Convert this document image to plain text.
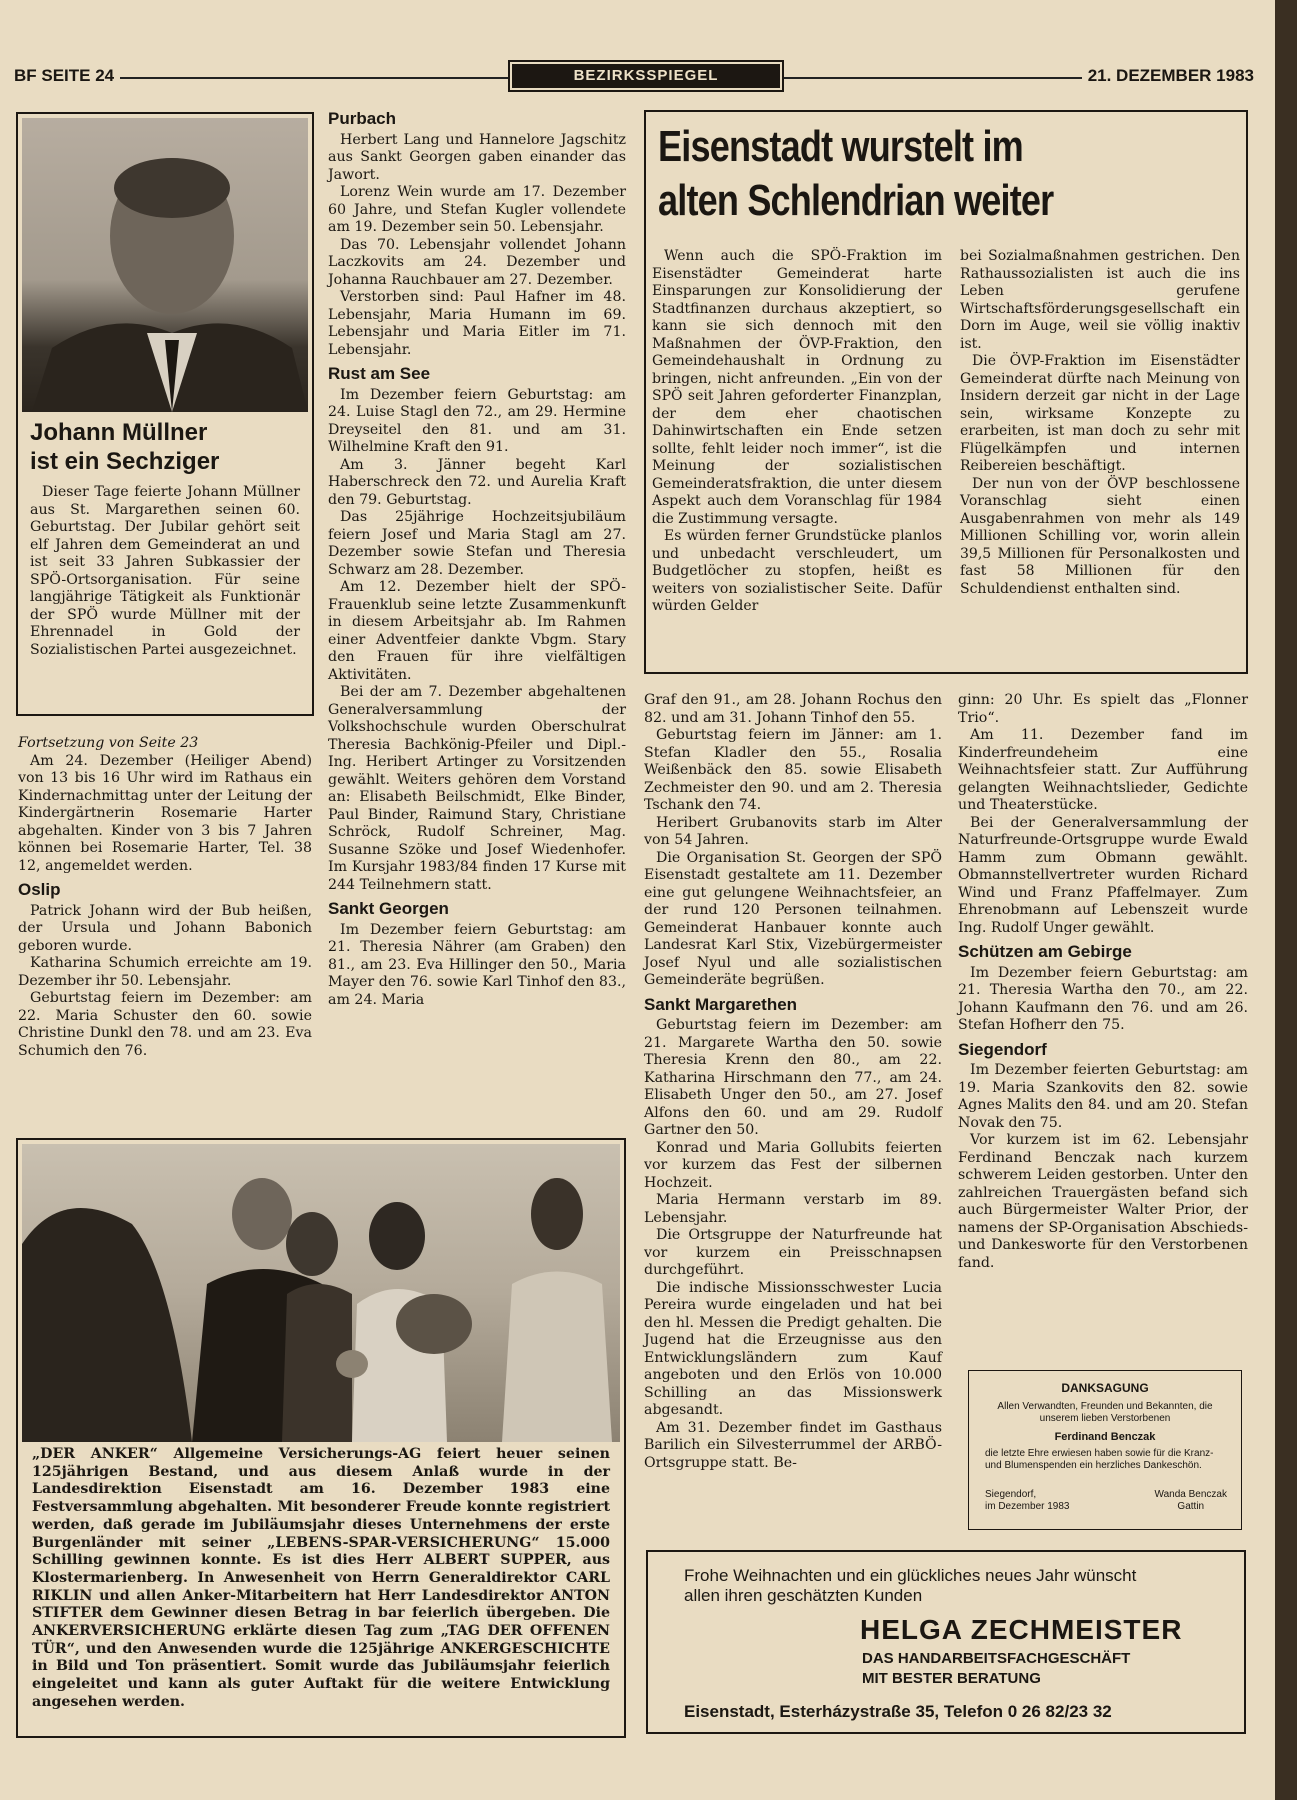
BF SEITE 24	BEZIRKSSPIEGEL	21. DEZEMBER 1983
Johann Müllner
ist ein Sechziger

Dieser Tage feierte Johann Müllner aus St. Margarethen seinen 60. Geburtstag. Der Jubilar gehört seit elf Jahren dem Gemeinderat an und ist seit 33 Jahren Subkassier der SPÖ-Ortsorganisation. Für seine langjährige Tätigkeit als Funktionär der SPÖ wurde Müllner mit der Ehrennadel in Gold der Sozialistischen Partei ausgezeichnet.

Fortsetzung von Seite 23

Am 24. Dezember (Heiliger Abend) von 13 bis 16 Uhr wird im Rathaus ein Kindernachmittag unter der Leitung der Kindergärtnerin Rosemarie Harter abgehalten. Kinder von 3 bis 7 Jahren können bei Rosemarie Harter, Tel. 38 12, angemeldet werden.

Oslip

Patrick Johann wird der Bub heißen, der Ursula und Johann Babonich geboren wurde.

Katharina Schumich erreichte am 19. Dezember ihr 50. Lebensjahr.

Geburtstag feiern im Dezember: am 22. Maria Schuster den 60. sowie Christine Dunkl den 78. und am 23. Eva Schumich den 76.

Purbach

Herbert Lang und Hannelore Jagschitz aus Sankt Georgen gaben einander das Jawort.

Lorenz Wein wurde am 17. Dezember 60 Jahre, und Stefan Kugler vollendete am 19. Dezember sein 50. Lebensjahr.

Das 70. Lebensjahr vollendet Johann Laczkovits am 24. Dezember und Johanna Rauchbauer am 27. Dezember.

Verstorben sind: Paul Hafner im 48. Lebensjahr, Maria Humann im 69. Lebensjahr und Maria Eitler im 71. Lebensjahr.

Rust am See

Im Dezember feiern Geburtstag: am 24. Luise Stagl den 72., am 29. Hermine Dreyseitel den 81. und am 31. Wilhelmine Kraft den 91.

Am 3. Jänner begeht Karl Haberschreck den 72. und Aurelia Kraft den 79. Geburtstag.

Das 25jährige Hochzeitsjubiläum feiern Josef und Maria Stagl am 27. Dezember sowie Stefan und Theresia Schwarz am 28. Dezember.

Am 12. Dezember hielt der SPÖ-Frauenklub seine letzte Zusammenkunft in diesem Arbeitsjahr ab. Im Rahmen einer Adventfeier dankte Vbgm. Stary den Frauen für ihre vielfältigen Aktivitäten.

Bei der am 7. Dezember abgehaltenen Generalversammlung der Volkshochschule wurden Oberschulrat Theresia Bachkönig-Pfeiler und Dipl.-Ing. Heribert Artinger zu Vorsitzenden gewählt. Weiters gehören dem Vorstand an: Elisabeth Beilschmidt, Elke Binder, Paul Binder, Raimund Stary, Christiane Schröck, Rudolf Schreiner, Mag. Susanne Szöke und Josef Wiedenhofer. Im Kursjahr 1983/84 finden 17 Kurse mit 244 Teilnehmern statt.

Sankt Georgen

Im Dezember feiern Geburtstag: am 21. Theresia Nährer (am Graben) den 81., am 23. Eva Hillinger den 50., Maria Mayer den 76. sowie Karl Tinhof den 83., am 24. Maria

Eisenstadt wurstelt im
alten Schlendrian weiter

Wenn auch die SPÖ-Fraktion im Eisenstädter Gemeinderat harte Einsparungen zur Konsolidierung der Stadtfinanzen durchaus akzeptiert, so kann sie sich dennoch mit den Maßnahmen der ÖVP-Fraktion, den Gemeindehaushalt in Ordnung zu bringen, nicht anfreunden. „Ein von der SPÖ seit Jahren geforderter Finanzplan, der dem eher chaotischen Dahinwirtschaften ein Ende setzen sollte, fehlt leider noch immer“, ist die Meinung der sozialistischen Gemeinderatsfraktion, die unter diesem Aspekt auch dem Voranschlag für 1984 die Zustimmung versagte.

Es würden ferner Grundstücke planlos und unbedacht verschleudert, um Budgetlöcher zu stopfen, heißt es weiters von sozialistischer Seite. Dafür würden Gelder

bei Sozialmaßnahmen gestrichen. Den Rathaussozialisten ist auch die ins Leben gerufene Wirtschaftsförderungsgesellschaft ein Dorn im Auge, weil sie völlig inaktiv ist.

Die ÖVP-Fraktion im Eisenstädter Gemeinderat dürfte nach Meinung von Insidern derzeit gar nicht in der Lage sein, wirksame Konzepte zu erarbeiten, ist man doch zu sehr mit Flügelkämpfen und internen Reibereien beschäftigt.

Der nun von der ÖVP beschlossene Voranschlag sieht einen Ausgabenrahmen von mehr als 149 Millionen Schilling vor, worin allein 39,5 Millionen für Personalkosten und fast 58 Millionen für den Schuldendienst enthalten sind.

Graf den 91., am 28. Johann Rochus den 82. und am 31. Johann Tinhof den 55.

Geburtstag feiern im Jänner: am 1. Stefan Kladler den 55., Rosalia Weißenbäck den 85. sowie Elisabeth Zechmeister den 90. und am 2. Theresia Tschank den 74.

Heribert Grubanovits starb im Alter von 54 Jahren.

Die Organisation St. Georgen der SPÖ Eisenstadt gestaltete am 11. Dezember eine gut gelungene Weihnachtsfeier, an der rund 120 Personen teilnahmen. Gemeinderat Hanbauer konnte auch Landesrat Karl Stix, Vizebürgermeister Josef Nyul und alle sozialistischen Gemeinderäte begrüßen.

Sankt Margarethen

Geburtstag feiern im Dezember: am 21. Margarete Wartha den 50. sowie Theresia Krenn den 80., am 22. Katharina Hirschmann den 77., am 24. Elisabeth Unger den 50., am 27. Josef Alfons den 60. und am 29. Rudolf Gartner den 50.

Konrad und Maria Gollubits feierten vor kurzem das Fest der silbernen Hochzeit.

Maria Hermann verstarb im 89. Lebensjahr.

Die Ortsgruppe der Naturfreunde hat vor kurzem ein Preisschnapsen durchgeführt.

Die indische Missionsschwester Lucia Pereira wurde eingeladen und hat bei den hl. Messen die Predigt gehalten. Die Jugend hat die Erzeugnisse aus den Entwicklungsländern zum Kauf angeboten und den Erlös von 10.000 Schilling an das Missionswerk abgesandt.

Am 31. Dezember findet im Gasthaus Barilich ein Silvesterrummel der ARBÖ-Ortsgruppe statt. Be-

ginn: 20 Uhr. Es spielt das „Flonner Trio“.

Am 11. Dezember fand im Kinderfreundeheim eine Weihnachtsfeier statt. Zur Aufführung gelangten Weihnachtslieder, Gedichte und Theaterstücke.

Bei der Generalversammlung der Naturfreunde-Ortsgruppe wurde Ewald Hamm zum Obmann gewählt. Obmannstellvertreter wurden Richard Wind und Franz Pfaffelmayer. Zum Ehrenobmann auf Lebenszeit wurde Ing. Rudolf Unger gewählt.

Schützen am Gebirge

Im Dezember feiern Geburtstag: am 21. Theresia Wartha den 70., am 22. Johann Kaufmann den 76. und am 26. Stefan Hofherr den 75.

Siegendorf

Im Dezember feierten Geburtstag: am 19. Maria Szankovits den 82. sowie Agnes Malits den 84. und am 20. Stefan Novak den 75.

Vor kurzem ist im 62. Lebensjahr Ferdinand Benczak nach kurzem schwerem Leiden gestorben. Unter den zahlreichen Trauergästen befand sich auch Bürgermeister Walter Prior, der namens der SP-Organisation Abschieds- und Dankesworte für den Verstorbenen fand.

DANKSAGUNG
Allen Verwandten, Freunden und Bekannten, die unserem lieben Verstorbenen
Ferdinand Benczak
die letzte Ehre erwiesen haben sowie für die Kranz- und Blumenspenden ein herzliches Dankeschön.
Siegendorf,
im Dezember 1983
Wanda Benczak
Gattin
„DER ANKER“ Allgemeine Versicherungs-AG feiert heuer seinen 125jährigen Bestand, und aus diesem Anlaß wurde in der Landesdirektion Eisenstadt am 16. Dezember 1983 eine Festversammlung abgehalten. Mit besonderer Freude konnte registriert werden, daß gerade im Jubiläumsjahr dieses Unternehmens der erste Burgenländer mit seiner „LEBENS-SPAR-VERSICHERUNG“ 15.000 Schilling gewinnen konnte. Es ist dies Herr ALBERT SUPPER, aus Klostermarienberg. In Anwesenheit von Herrn Generaldirektor CARL RIKLIN und allen Anker-Mitarbeitern hat Herr Landesdirektor ANTON STIFTER dem Gewinner diesen Betrag in bar feierlich übergeben. Die ANKERVERSICHERUNG erklärte diesen Tag zum „TAG DER OFFENEN TÜR“, und den Anwesenden wurde die 125jährige ANKERGESCHICHTE in Bild und Ton präsentiert. Somit wurde das Jubiläumsjahr feierlich eingeleitet und kann als guter Auftakt für die weitere Entwicklung angesehen werden.
Frohe Weihnachten und ein glückliches neues Jahr wünscht
allen ihren geschätzten Kunden
HELGA ZECHMEISTER
DAS HANDARBEITSFACHGESCHÄFT
MIT BESTER BERATUNG
Eisenstadt, Esterházystraße 35, Telefon 0 26 82/23 32
